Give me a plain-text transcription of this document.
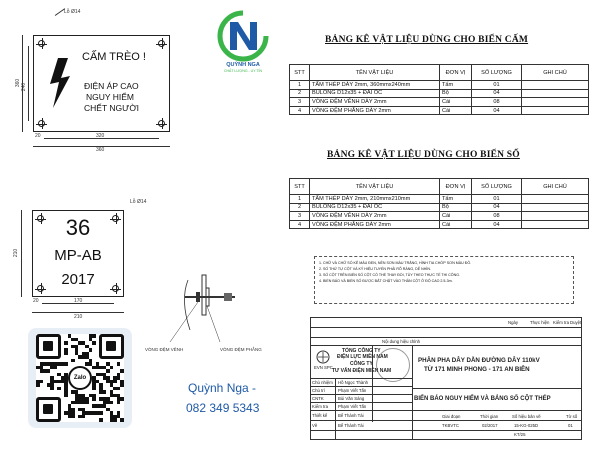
QUỲNH NGA
CHẤT LƯỢNG - UY TÍN
Lỗ Ø14
CẤM TRÈO !
ĐIỆN ÁP CAO
NGUY HIỂM
CHẾT NGƯỜI
360 240
20	320
360
Lỗ Ø14
36
MP-AB
2017
210
20	170
210
VÒNG ĐỆM VÊNH	VÒNG ĐỆM PHẲNG
BẢNG KÊ VẬT LIỆU DÙNG CHO BIỂN CẤM
STT	TÊN VẬT LIỆU	ĐƠN VỊ	SỐ LƯỢNG	GHI CHÚ
1	TẤM THÉP DÀY 2mm, 360mmx240mm	Tấm	01	
2	BULÔNG D12x35 + ĐAI ỐC	Bộ	04	
3	VÒNG ĐỆM VÊNH DÀY 2mm	Cái	08	
4	VÒNG ĐỆM PHẲNG DÀY 2mm	Cái	04	
BẢNG KÊ VẬT LIỆU DÙNG CHO BIỂN SỐ
STT	TÊN VẬT LIỆU	ĐƠN VỊ	SỐ LƯỢNG	GHI CHÚ
1	TẤM THÉP DÀY 2mm, 210mmx210mm	Tấm	01	
2	BULÔNG D12x35 + ĐAI ỐC	Bộ	04	
3	VÒNG ĐỆM VÊNH DÀY 2mm	Cái	08	
4	VÒNG ĐỆM PHẲNG DÀY 2mm	Cái	04	
1. CHỮ VÀ CHỮ SỐ KẺ MÀU ĐEN, NỀN SƠN MÀU TRẮNG, HÌNH TIA CHỚP SƠN MÀU ĐỎ.
2. SỐ THỨ TỰ CỘT VÀ KÝ HIỆU TUYẾN PHẢI RÕ RÀNG, DỄ NHÌN.
3. SỐ CỘT TRÊN BIỂN SỐ CỘT CÓ THỂ THAY ĐỔI, TÙY THEO THỰC TẾ THI CÔNG.
4. BIỂN BÁO VÀ BIỂN SỐ ĐƯỢC BẮT CHẶT VÀO THÂN CỘT Ở ĐỘ CAO 2.5-3m.
Zalo
Quỳnh Nga -
082 349 5343
Ngày	Thực hiện Kiểm tra Duyệt
Nội dung hiệu chỉnh
EVN SPC
TỔNG CÔNG TY
ĐIỆN LỰC MIỀN NAM
CÔNG TY
TƯ VẤN ĐIỆN MIỀN NAM
PHÂN PHA DÂY DẪN ĐƯỜNG DÂY 110kV
TỪ 171 MINH PHONG - 171 AN BIÊN
BIỂN BÁO NGUY HIỂM VÀ BẢNG SỐ CỘT THÉP
Chủ nhiệm Hồ Ngọc Thành
Chủ trì	Phạm Viết Tấn
CNTK	Bùi Văn Sáng
Kiểm tra Phạm Viết Tấn
Thiết kế Bế Thành Tài
Vẽ	Bế Thành Tài
Giai đoạn	Thời gian	Số hiệu bản vẽ	Tờ số
TKBVTC	02/2017	15-KG-025D	01
KT/25
